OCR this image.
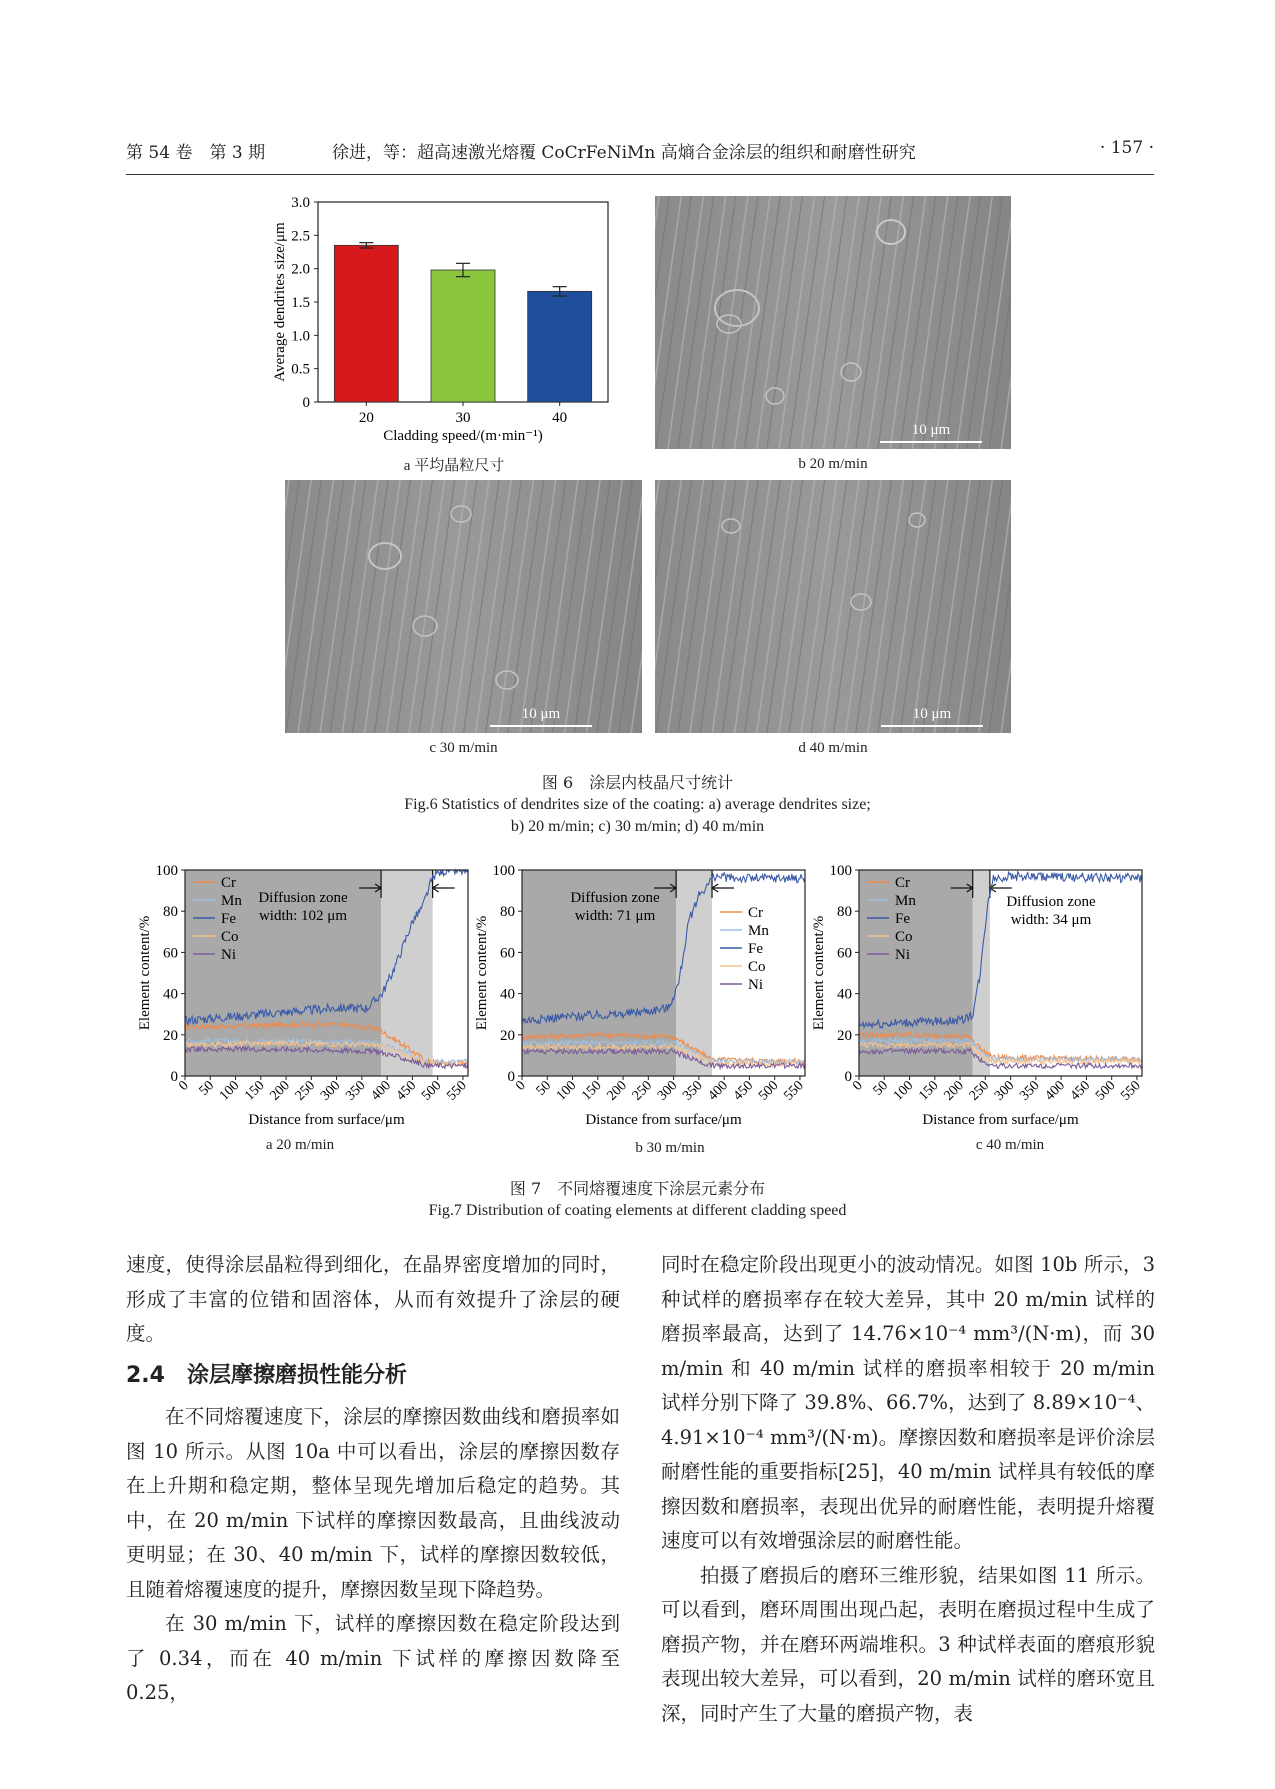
第 54 卷　第 3 期	徐进，等：超高速激光熔覆 CoCrFeNiMn 高熵合金涂层的组织和耐磨性研究	· 157 ·
0
0.5
1.0
1.5
2.0
2.5
3.0
20	30	40
Cladding speed/(m·min⁻¹)
Average dendrites size/μm
a 平均晶粒尺寸
10 μm
b 20 m/min
10 μm
c 30 m/min
10 μm
d 40 m/min
图 6　涂层内枝晶尺寸统计
Fig.6 Statistics of dendrites size of the coating: a) average dendrites size;
b) 20 m/min; c) 30 m/min; d) 40 m/min
0
20
40
60
80
100
0 50 100 150 200 250 300 350 400 450 500 550
Distance from surface/μm
Element content/%
Cr
Mn
Fe
Co
Ni
Diffusion zone
width: 102 μm
a 20 m/min
0
20
40
60
80
100
0 50 100 150 200 250 300 350 400 450 500 550
Distance from surface/μm
Element content/%
Cr
Mn
Fe
Co
Ni
Diffusion zone
width: 71 μm
b 30 m/min
0
20
40
60
80
100
0 50 100 150 200 250 300 350 400 450 500 550
Distance from surface/μm
Element content/%
Cr
Mn
Fe
Co
Ni
Diffusion zone
width: 34 μm
c 40 m/min
图 7　不同熔覆速度下涂层元素分布
Fig.7 Distribution of coating elements at different cladding speed

速度，使得涂层晶粒得到细化，在晶界密度增加的同时，形成了丰富的位错和固溶体，从而有效提升了涂层的硬度。

2.4　涂层摩擦磨损性能分析

在不同熔覆速度下，涂层的摩擦因数曲线和磨损率如图 10 所示。从图 10a 中可以看出，涂层的摩擦因数存在上升期和稳定期，整体呈现先增加后稳定的趋势。其中，在 20 m/min 下试样的摩擦因数最高，且曲线波动更明显；在 30、40 m/min 下，试样的摩擦因数较低，且随着熔覆速度的提升，摩擦因数呈现下降趋势。

在 30 m/min 下，试样的摩擦因数在稳定阶段达到了 0.34，而在 40 m/min 下试样的摩擦因数降至 0.25，

同时在稳定阶段出现更小的波动情况。如图 10b 所示，3 种试样的磨损率存在较大差异，其中 20 m/min 试样的磨损率最高，达到了 14.76×10⁻⁴ mm³/(N·m)，而 30 m/min 和 40 m/min 试样的磨损率相较于 20 m/min 试样分别下降了 39.8%、66.7%，达到了 8.89×10⁻⁴、4.91×10⁻⁴ mm³/(N·m)。摩擦因数和磨损率是评价涂层耐磨性能的重要指标[25]，40 m/min 试样具有较低的摩擦因数和磨损率，表现出优异的耐磨性能，表明提升熔覆速度可以有效增强涂层的耐磨性能。

拍摄了磨损后的磨环三维形貌，结果如图 11 所示。可以看到，磨环周围出现凸起，表明在磨损过程中生成了磨损产物，并在磨环两端堆积。3 种试样表面的磨痕形貌表现出较大差异，可以看到，20 m/min 试样的磨环宽且深，同时产生了大量的磨损产物，表
